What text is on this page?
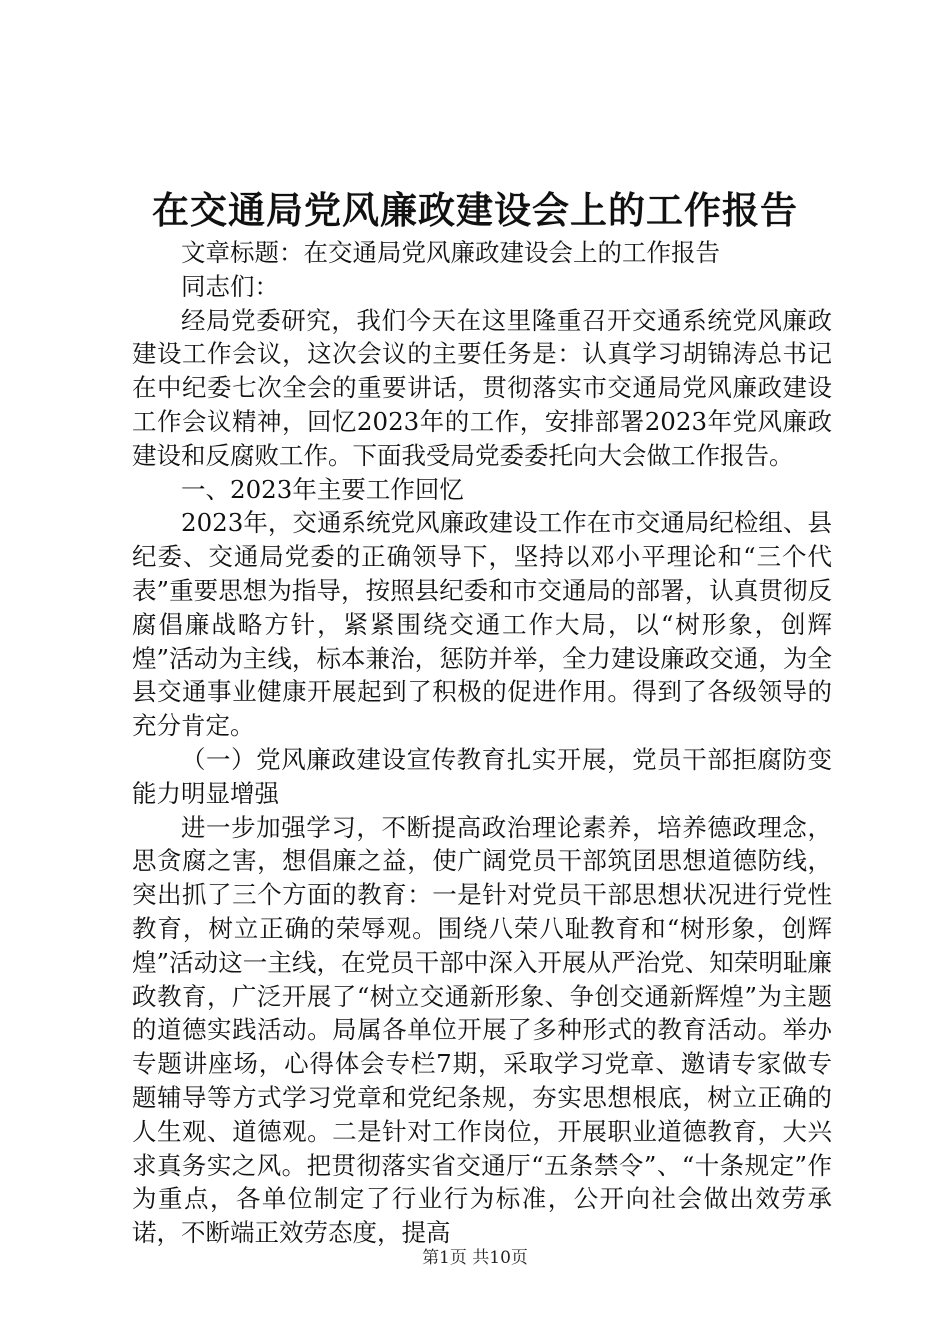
在交通局党风廉政建设会上的工作报告

文章标题：在交通局党风廉政建设会上的工作报告

同志们：

经局党委研究，我们今天在这里隆重召开交通系统党风廉政建设工作会议，这次会议的主要任务是：认真学习胡锦涛总书记在中纪委七次全会的重要讲话，贯彻落实市交通局党风廉政建设工作会议精神，回忆2023年的工作，安排部署2023年党风廉政建设和反腐败工作。下面我受局党委委托向大会做工作报告。

一、2023年主要工作回忆

2023年，交通系统党风廉政建设工作在市交通局纪检组、县纪委、交通局党委的正确领导下，坚持以邓小平理论和“三个代表”重要思想为指导，按照县纪委和市交通局的部署，认真贯彻反腐倡廉战略方针，紧紧围绕交通工作大局，以“树形象，创辉煌”活动为主线，标本兼治，惩防并举，全力建设廉政交通，为全县交通事业健康开展起到了积极的促进作用。得到了各级领导的充分肯定。

（一）党风廉政建设宣传教育扎实开展，党员干部拒腐防变能力明显增强

进一步加强学习，不断提高政治理论素养，培养德政理念，思贪腐之害，想倡廉之益，使广阔党员干部筑囝思想道德防线，突出抓了三个方面的教育：一是针对党员干部思想状况进行党性教育，树立正确的荣辱观。围绕八荣八耻教育和“树形象，创辉煌”活动这一主线，在党员干部中深入开展从严治党、知荣明耻廉政教育，广泛开展了“树立交通新形象、争创交通新辉煌”为主题的道德实践活动。局属各单位开展了多种形式的教育活动。举办专题讲座场，心得体会专栏7期，采取学习党章、邀请专家做专题辅导等方式学习党章和党纪条规，夯实思想根底，树立正确的人生观、道德观。二是针对工作岗位，开展职业道德教育，大兴求真务实之风。把贯彻落实省交通厅“五条禁令”、“十条规定”作为重点，各单位制定了行业行为标准，公开向社会做出效劳承诺，不断端正效劳态度，提高

第1页 共10页
